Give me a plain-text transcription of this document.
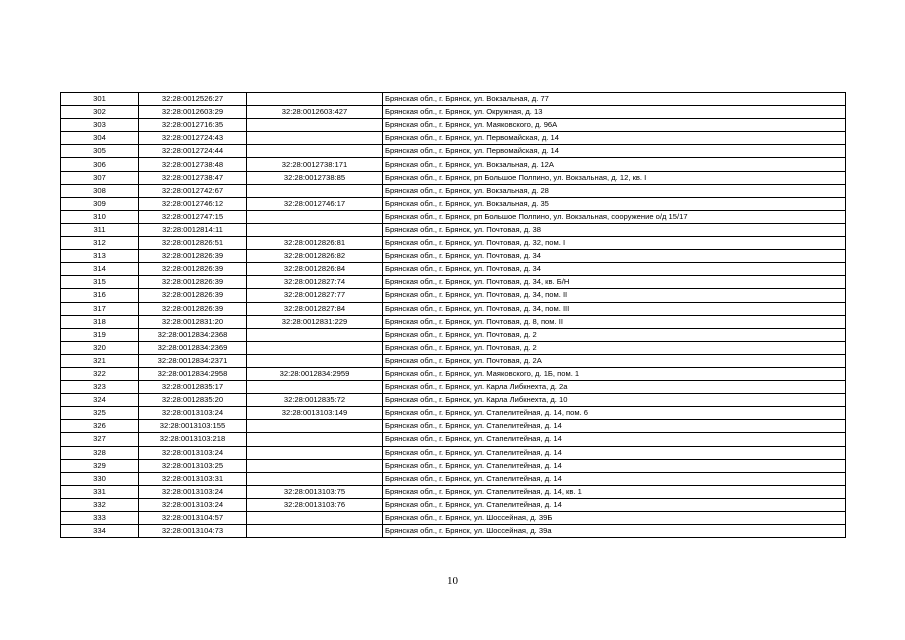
301	32:28:0012526:27		Брянская обл., г. Брянск, ул. Вокзальная, д. 77
302	32:28:0012603:29	32:28:0012603:427	Брянская обл., г. Брянск, ул. Окружная, д. 13
303	32:28:0012716:35		Брянская обл., г. Брянск, ул. Маяковского, д. 96А
304	32:28:0012724:43		Брянская обл., г. Брянск, ул. Первомайская, д. 14
305	32:28:0012724:44		Брянская обл., г. Брянск, ул. Первомайская, д. 14
306	32:28:0012738:48	32:28:0012738:171	Брянская обл., г. Брянск, ул. Вокзальная, д. 12А
307	32:28:0012738:47	32:28:0012738:85	Брянская обл., г. Брянск, рп Большое Полпино, ул. Вокзальная, д. 12, кв. I
308	32:28:0012742:67		Брянская обл., г. Брянск, ул. Вокзальная, д. 28
309	32:28:0012746:12	32:28:0012746:17	Брянская обл., г. Брянск, ул. Вокзальная, д. 35
310	32:28:0012747:15		Брянская обл., г. Брянск, рп Большое Полпино, ул. Вокзальная, сооружение о/д 15/17
311	32:28:0012814:11		Брянская обл., г. Брянск, ул. Почтовая, д. 38
312	32:28:0012826:51	32:28:0012826:81	Брянская обл., г. Брянск, ул. Почтовая, д. 32, пом. I
313	32:28:0012826:39	32:28:0012826:82	Брянская обл., г. Брянск, ул. Почтовая, д. 34
314	32:28:0012826:39	32:28:0012826:84	Брянская обл., г. Брянск, ул. Почтовая, д. 34
315	32:28:0012826:39	32:28:0012827:74	Брянская обл., г. Брянск, ул. Почтовая, д. 34, кв. Б/Н
316	32:28:0012826:39	32:28:0012827:77	Брянская обл., г. Брянск, ул. Почтовая, д. 34, пом. II
317	32:28:0012826:39	32:28:0012827:84	Брянская обл., г. Брянск, ул. Почтовая, д. 34, пом. III
318	32:28:0012831:20	32:28:0012831:229	Брянская обл., г. Брянск, ул. Почтовая, д. 8, пом. II
319	32:28:0012834:2368		Брянская обл., г. Брянск, ул. Почтовая, д. 2
320	32:28:0012834:2369		Брянская обл., г. Брянск, ул. Почтовая, д. 2
321	32:28:0012834:2371		Брянская обл., г. Брянск, ул. Почтовая, д. 2А
322	32:28:0012834:2958	32:28:0012834:2959	Брянская обл., г. Брянск, ул. Маяковского, д. 1Б, пом. 1
323	32:28:0012835:17		Брянская обл., г. Брянск, ул. Карла Либкнехта, д. 2а
324	32:28:0012835:20	32:28:0012835:72	Брянская обл., г. Брянск, ул. Карла Либкнехта, д. 10
325	32:28:0013103:24	32:28:0013103:149	Брянская обл., г. Брянск, ул. Стапелитейная, д. 14, пом. 6
326	32:28:0013103:155		Брянская обл., г. Брянск, ул. Стапелитейная, д. 14
327	32:28:0013103:218		Брянская обл., г. Брянск, ул. Стапелитейная, д. 14
328	32:28:0013103:24		Брянская обл., г. Брянск, ул. Стапелитейная, д. 14
329	32:28:0013103:25		Брянская обл., г. Брянск, ул. Стапелитейная, д. 14
330	32:28:0013103:31		Брянская обл., г. Брянск, ул. Стапелитейная, д. 14
331	32:28:0013103:24	32:28:0013103:75	Брянская обл., г. Брянск, ул. Стапелитейная, д. 14, кв. 1
332	32:28:0013103:24	32:28:0013103:76	Брянская обл., г. Брянск, ул. Стапелитейная, д. 14
333	32:28:0013104:57		Брянская обл., г. Брянск, ул. Шоссейная, д. 39Б
334	32:28:0013104:73		Брянская обл., г. Брянск, ул. Шоссейная, д. 39а
10
